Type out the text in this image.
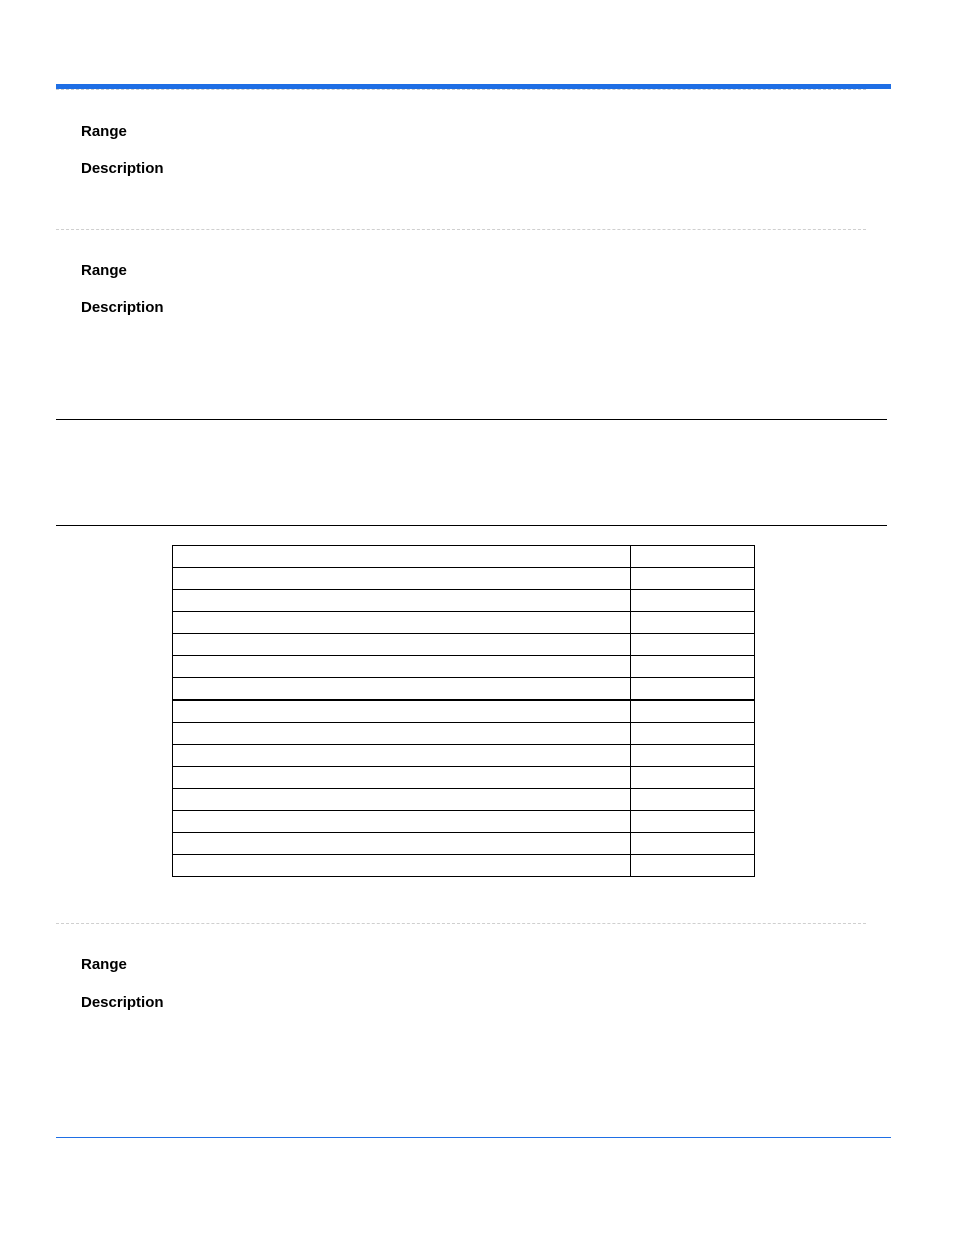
Range
Description
Range
Description

Range
Description
